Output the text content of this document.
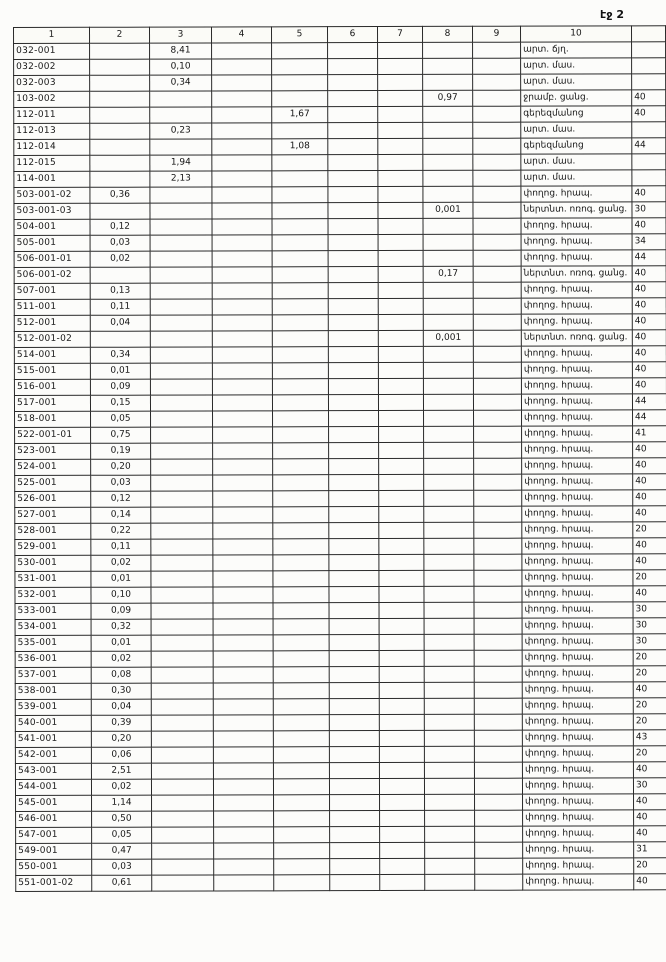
էջ 2
1	2	3	4	5	6	7	8	9	10	
032-001		8,41							արտ. ճյղ.	
032-002		0,10							արտ. մաս.	
032-003		0,34							արտ. մաս.	
103-002							0,97		ջրամբ. ցանց.	40
112-011				1,67					գերեզմանոց	40
112-013		0,23							արտ. մաս.	
112-014				1,08					գերեզմանոց	44
112-015		1,94							արտ. մաս.	
114-001		2,13							արտ. մաս.	
503-001-02	0,36								փողոց. հրապ.	40
503-001-03							0,001		ներտնտ. ոռոգ. ցանց.	30
504-001	0,12								փողոց. հրապ.	40
505-001	0,03								փողոց. հրապ.	34
506-001-01	0,02								փողոց. հրապ.	44
506-001-02							0,17		ներտնտ. ոռոգ. ցանց.	40
507-001	0,13								փողոց. հրապ.	40
511-001	0,11								փողոց. հրապ.	40
512-001	0,04								փողոց. հրապ.	40
512-001-02							0,001		ներտնտ. ոռոգ. ցանց.	40
514-001	0,34								փողոց. հրապ.	40
515-001	0,01								փողոց. հրապ.	40
516-001	0,09								փողոց. հրապ.	40
517-001	0,15								փողոց. հրապ.	44
518-001	0,05								փողոց. հրապ.	44
522-001-01	0,75								փողոց. հրապ.	41
523-001	0,19								փողոց. հրապ.	40
524-001	0,20								փողոց. հրապ.	40
525-001	0,03								փողոց. հրապ.	40
526-001	0,12								փողոց. հրապ.	40
527-001	0,14								փողոց. հրապ.	40
528-001	0,22								փողոց. հրապ.	20
529-001	0,11								փողոց. հրապ.	40
530-001	0,02								փողոց. հրապ.	40
531-001	0,01								փողոց. հրապ.	20
532-001	0,10								փողոց. հրապ.	40
533-001	0,09								փողոց. հրապ.	30
534-001	0,32								փողոց. հրապ.	30
535-001	0,01								փողոց. հրապ.	30
536-001	0,02								փողոց. հրապ.	20
537-001	0,08								փողոց. հրապ.	20
538-001	0,30								փողոց. հրապ.	40
539-001	0,04								փողոց. հրապ.	20
540-001	0,39								փողոց. հրապ.	20
541-001	0,20								փողոց. հրապ.	43
542-001	0,06								փողոց. հրապ.	20
543-001	2,51								փողոց. հրապ.	40
544-001	0,02								փողոց. հրապ.	30
545-001	1,14								փողոց. հրապ.	40
546-001	0,50								փողոց. հրապ.	40
547-001	0,05								փողոց. հրապ.	40
549-001	0,47								փողոց. հրապ.	31
550-001	0,03								փողոց. հրապ.	20
551-001-02	0,61								փողոց. հրապ.	40
